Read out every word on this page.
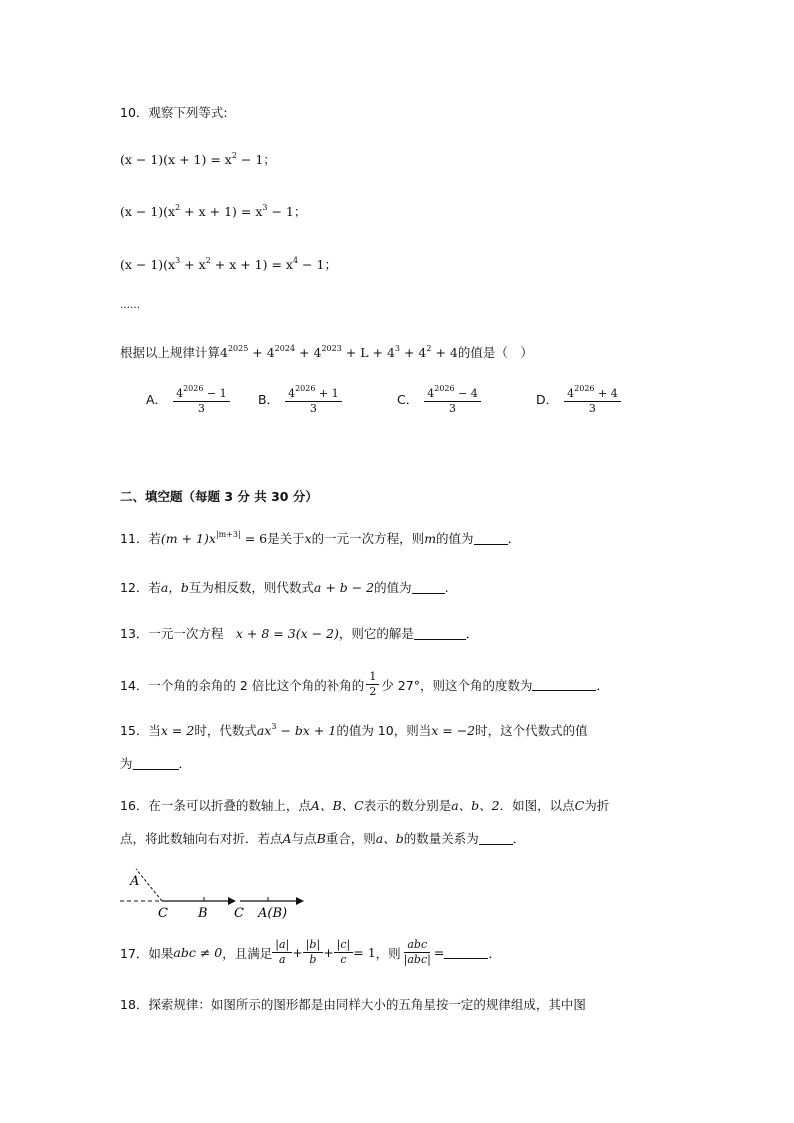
10．观察下列等式:
$(x - 1)(x + 1) = x^2 - 1$；
$(x - 1)(x^2 + x + 1) = x^3 - 1$；
$(x - 1)(x^3 + x^2 + x + 1) = x^4 - 1$；
……
根据以上规律计算$4^{2025} + 4^{2024} + 4^{2023} + L + 4^3 + 4^2 + 4$的值是（　）
A． $\frac{4^{2026} - 1}{3}$ B． $\frac{4^{2026} + 1}{3}$	C． $\frac{4^{2026} - 4}{3}$	D． $\frac{4^{2026} + 4}{3}$
二、填空题（每题 3 分 共 30 分）
11．若$(m + 1)x^{|m+3|} = 6$是关于x的一元一次方程，则m的值为	．
12．若a，b互为相反数，则代数式a + b − 2的值为	.
13．一元一次方程　x + 8 = 3(x − 2)，则它的解是	．
14．一个角的余角的 2 倍比这个角的补角的 $\frac{1}{2}$ 少 27°，则这个角的度数为	．
15．当x = 2时，代数式$ax^3$ − bx + 1的值为 10，则当x = −2时，这个代数式的值
为	．
16．在一条可以折叠的数轴上，点A、B、C表示的数分别是a、b、2．如图，以点C为折
点，将此数轴向右对折．若点A与点B重合，则a、b的数量关系为	．
A
C B C A(B)
17．如果 abc ≠ 0 ，且满足 $\frac{|a|}{a} + \frac{|b|}{b} + \frac{|c|}{c} = 1$ ，则 $\frac{\text{abc}}{\text{|abc|}}$ =	．
18．探索规律：如图所示的图形都是由同样大小的五角星按一定的规律组成，其中图
